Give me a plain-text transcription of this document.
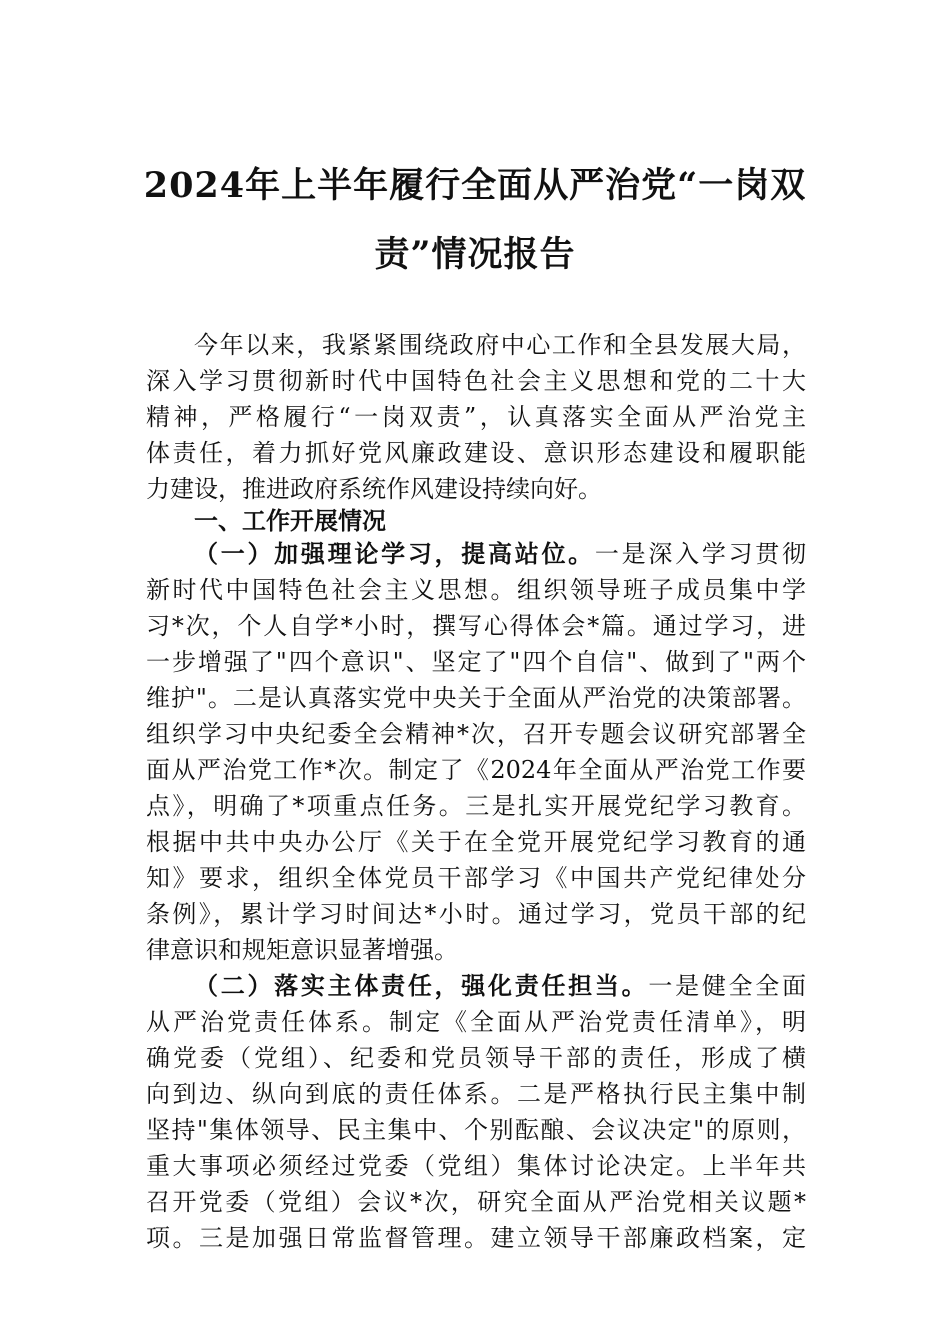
2024年上半年履行全面从严治党“一岗双
责”情况报告
今年以来，我紧紧围绕政府中心工作和全县发展大局，
深入学习贯彻新时代中国特色社会主义思想和党的二十大
精神，严格履行“一岗双责”，认真落实全面从严治党主
体责任，着力抓好党风廉政建设、意识形态建设和履职能
力建设，推进政府系统作风建设持续向好。
一、工作开展情况
（一）加强理论学习，提高站位。一是深入学习贯彻
新时代中国特色社会主义思想。组织领导班子成员集中学
习*次，个人自学*小时，撰写心得体会*篇。通过学习，进
一步增强了"四个意识"、坚定了"四个自信"、做到了"两个
维护"。二是认真落实党中央关于全面从严治党的决策部署。
组织学习中央纪委全会精神*次，召开专题会议研究部署全
面从严治党工作*次。制定了《2024年全面从严治党工作要
点》，明确了*项重点任务。三是扎实开展党纪学习教育。
根据中共中央办公厅《关于在全党开展党纪学习教育的通
知》要求，组织全体党员干部学习《中国共产党纪律处分
条例》，累计学习时间达*小时。通过学习，党员干部的纪
律意识和规矩意识显著增强。
（二）落实主体责任，强化责任担当。一是健全全面
从严治党责任体系。制定《全面从严治党责任清单》，明
确党委（党组）、纪委和党员领导干部的责任，形成了横
向到边、纵向到底的责任体系。二是严格执行民主集中制
坚持"集体领导、民主集中、个别酝酿、会议决定"的原则，
重大事项必须经过党委（党组）集体讨论决定。上半年共
召开党委（党组）会议*次，研究全面从严治党相关议题*
项。三是加强日常监督管理。建立领导干部廉政档案，定
